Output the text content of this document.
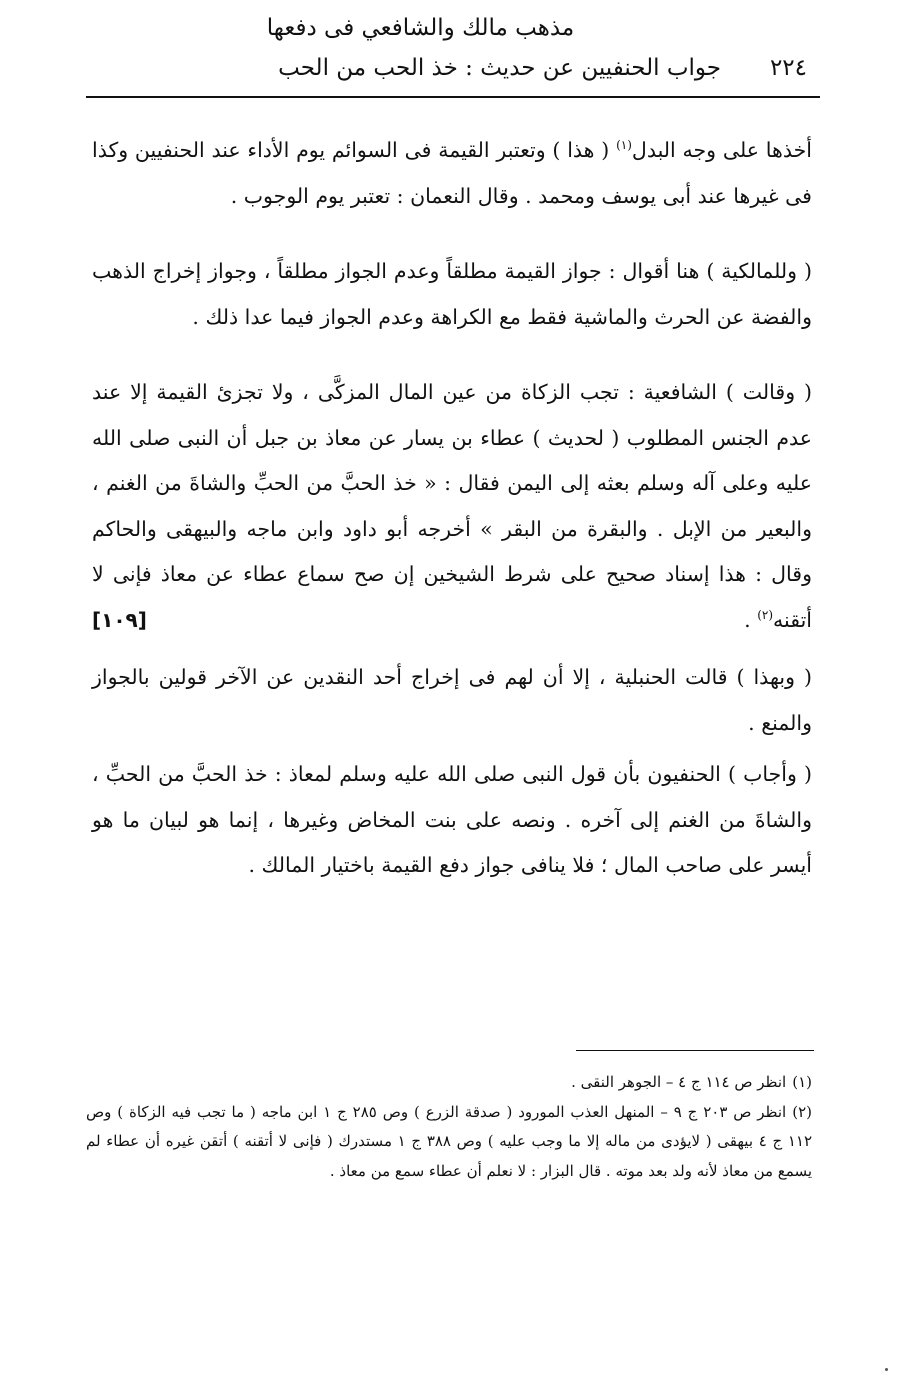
مذهب مالك والشافعي فى دفعها
٢٢٤
جواب الحنفيين عن حديث : خذ الحب من الحب

أخذها على وجه البدل$^{(١)}$ ( هذا ) وتعتبر القيمة فى السوائم يوم الأداء عند الحنفيين وكذا فى غيرها عند أبى يوسف ومحمد . وقال النعمان : تعتبر يوم الوجوب .

( وللمالكية ) هنا أقوال : جواز القيمة مطلقاً وعدم الجواز مطلقاً ، وجواز إخراج الذهب والفضة عن الحرث والماشية فقط مع الكراهة وعدم الجواز فيما عدا ذلك .

( وقالت ) الشافعية : تجب الزكاة من عين المال المزكَّى ، ولا تجزئ القيمة إلا عند عدم الجنس المطلوب ( لحديث ) عطاء بن يسار عن معاذ بن جبل أن النبى صلى الله عليه وعلى آله وسلم بعثه إلى اليمن فقال : « خذ الحبَّ من الحبِّ والشاةَ من الغنم ، والبعير من الإبل . والبقرة من البقر » أخرجه أبو داود وابن ماجه والبيهقى والحاكم وقال : هذا إسناد صحيح على شرط الشيخين إن صح سماع عطاء عن معاذ فإنى لا أتقنه$^{(٢)}$ .
[١٠٩]

( وبهذا ) قالت الحنبلية ، إلا أن لهم فى إخراج أحد النقدين عن الآخر قولين بالجواز والمنع .

( وأجاب ) الحنفيون بأن قول النبى صلى الله عليه وسلم لمعاذ : خذ الحبَّ من الحبِّ ، والشاةَ من الغنم إلى آخره . ونصه على بنت المخاض وغيرها ، إنما هو لبيان ما هو أيسر على صاحب المال ؛ فلا ينافى جواز دفع القيمة باختيار المالك .

(١)انظر ص ١١٤ ج ٤ – الجوهر النقى .

(٢)انظر ص ٢٠٣ ج ٩ – المنهل العذب المورود ( صدقة الزرع ) وص ٢٨٥ ج ١ ابن ماجه ( ما تجب فيه الزكاة ) وص ١١٢ ج ٤ بيهقى ( لايؤدى من ماله إلا ما وجب عليه ) وص ٣٨٨ ج ١ مستدرك ( فإنى لا أتقنه ) أتقن غيره أن عطاء لم يسمع من معاذ لأنه ولد بعد موته . قال البزار : لا نعلم أن عطاء سمع من معاذ .
